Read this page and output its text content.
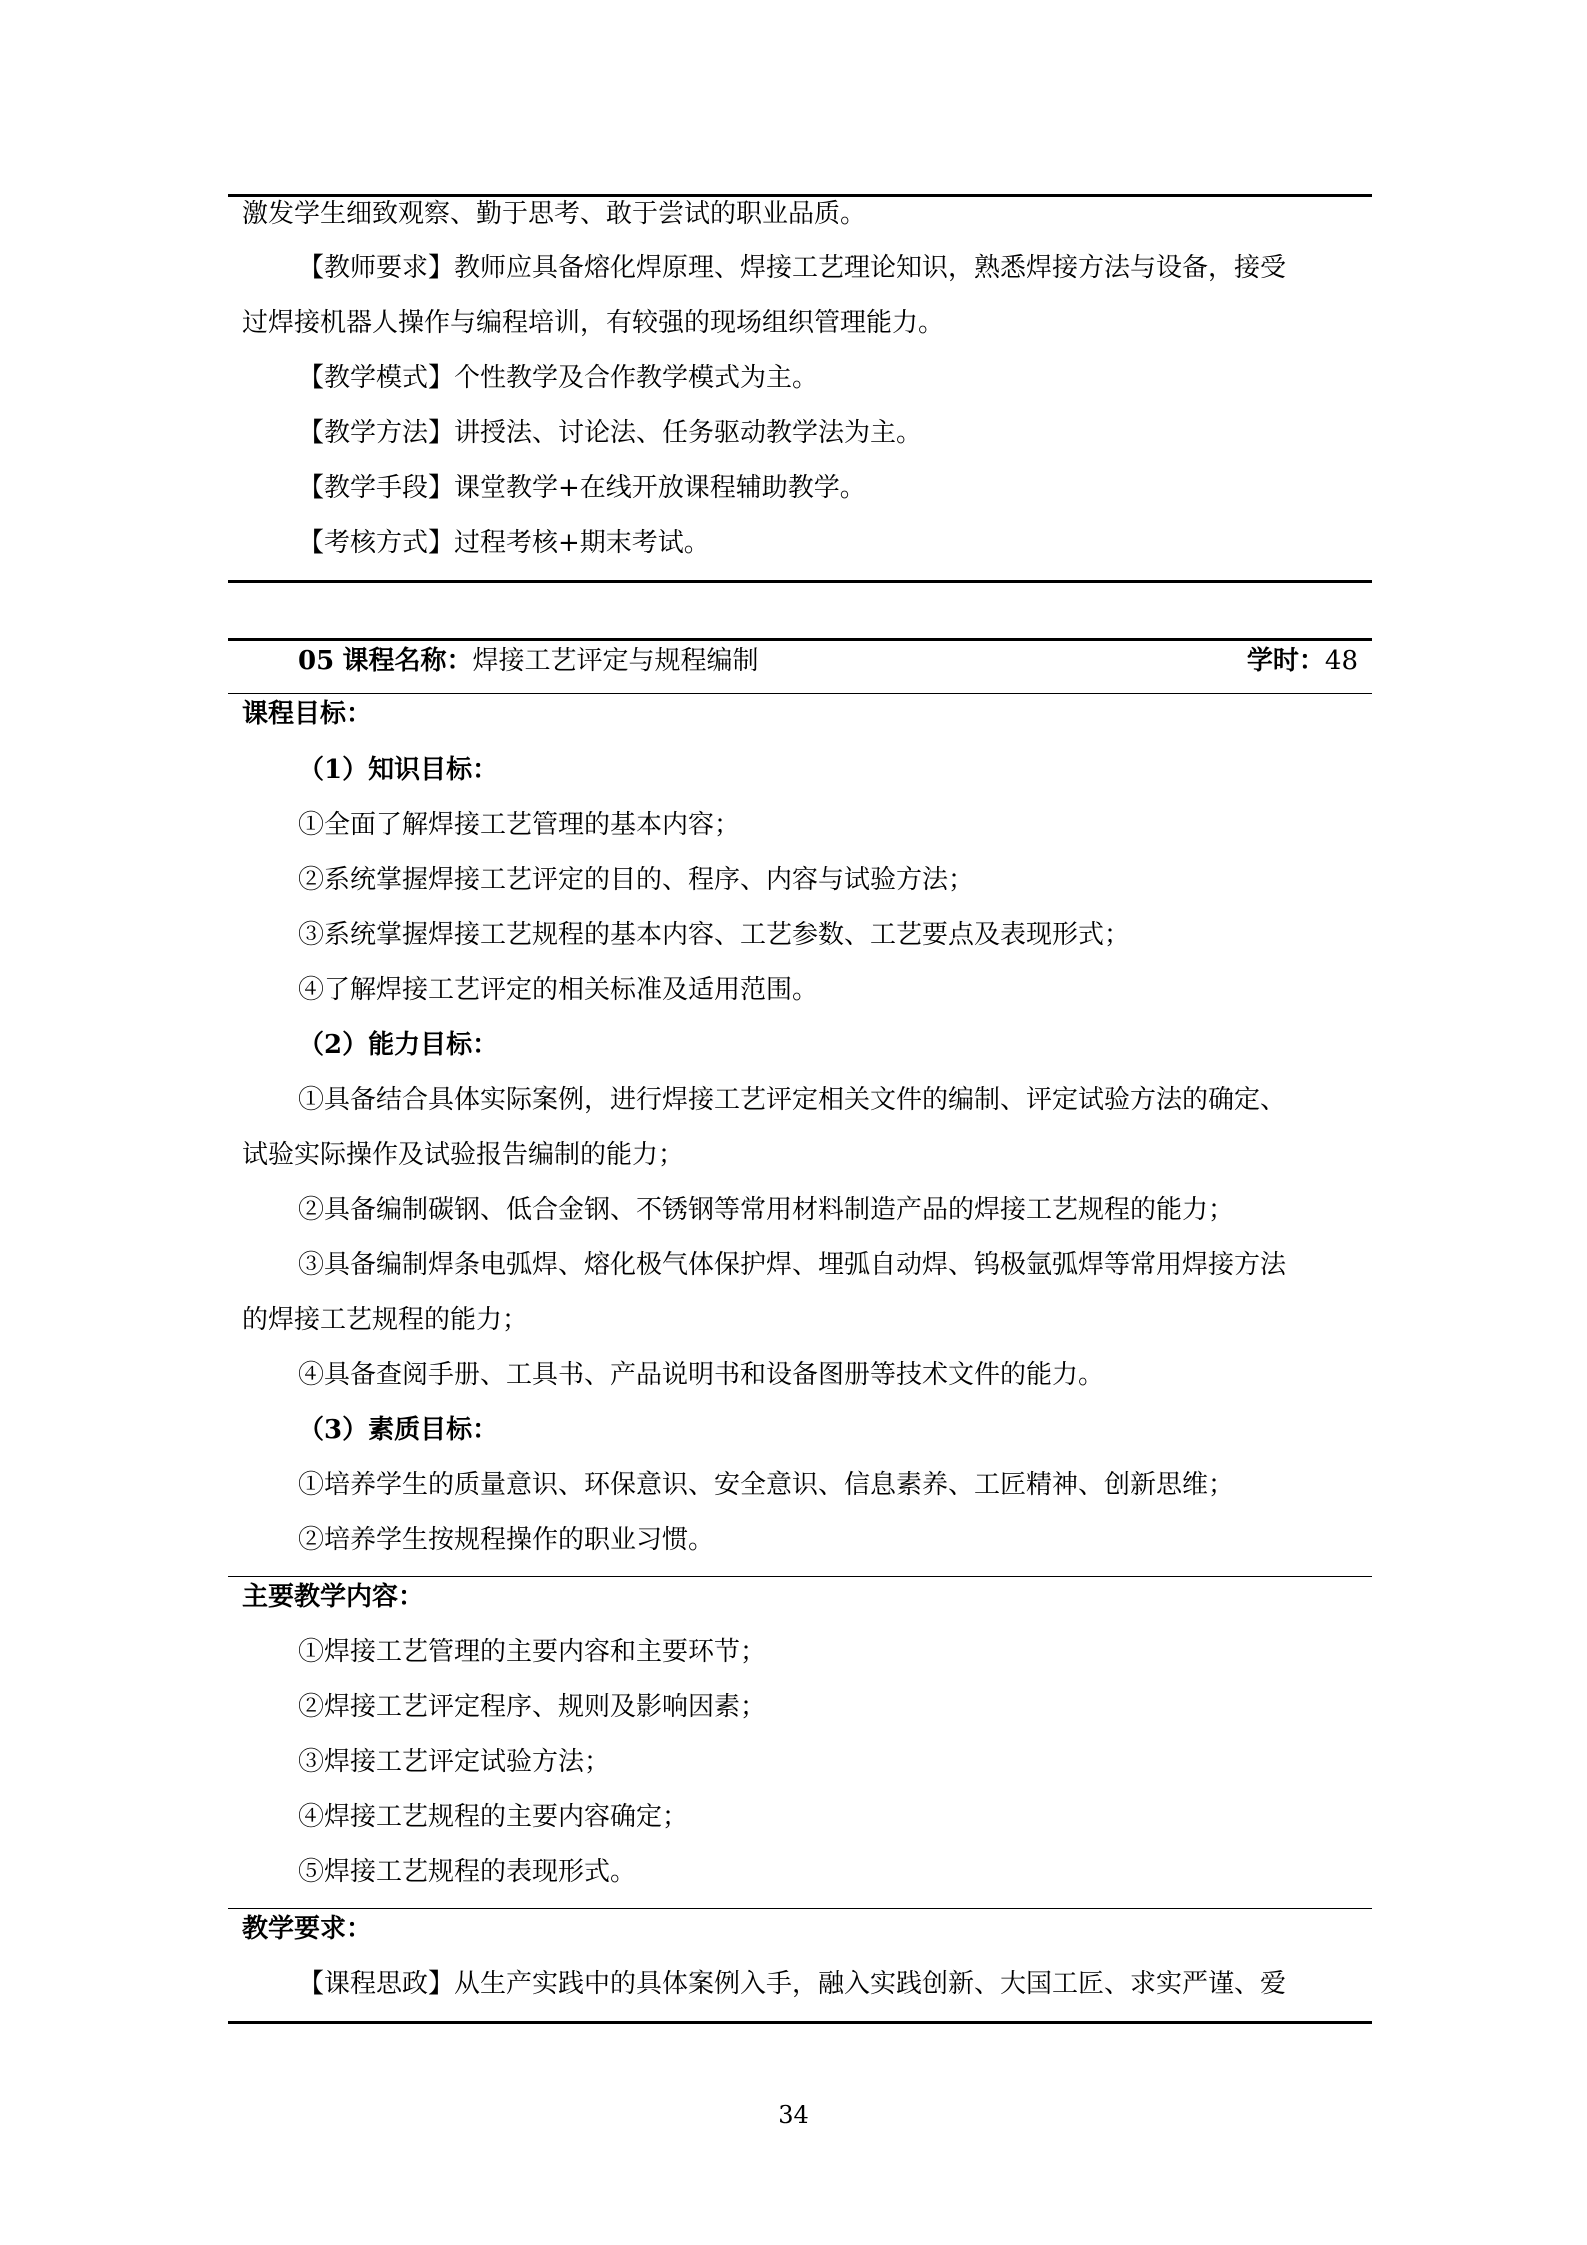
激发学生细致观察、勤于思考、敢于尝试的职业品质。
【教师要求】教师应具备熔化焊原理、焊接工艺理论知识，熟悉焊接方法与设备，接受
过焊接机器人操作与编程培训，有较强的现场组织管理能力。
【教学模式】个性教学及合作教学模式为主。
【教学方法】讲授法、讨论法、任务驱动教学法为主。
【教学手段】课堂教学+在线开放课程辅助教学。
【考核方式】过程考核+期末考试。
05 课程名称：焊接工艺评定与规程编制	学时：48
课程目标：
（1）知识目标：
①全面了解焊接工艺管理的基本内容；
②系统掌握焊接工艺评定的目的、程序、内容与试验方法；
③系统掌握焊接工艺规程的基本内容、工艺参数、工艺要点及表现形式；
④了解焊接工艺评定的相关标准及适用范围。
（2）能力目标：
①具备结合具体实际案例，进行焊接工艺评定相关文件的编制、评定试验方法的确定、
试验实际操作及试验报告编制的能力；
②具备编制碳钢、低合金钢、不锈钢等常用材料制造产品的焊接工艺规程的能力；
③具备编制焊条电弧焊、熔化极气体保护焊、埋弧自动焊、钨极氩弧焊等常用焊接方法
的焊接工艺规程的能力；
④具备查阅手册、工具书、产品说明书和设备图册等技术文件的能力。
（3）素质目标：
①培养学生的质量意识、环保意识、安全意识、信息素养、工匠精神、创新思维；
②培养学生按规程操作的职业习惯。
主要教学内容：
①焊接工艺管理的主要内容和主要环节；
②焊接工艺评定程序、规则及影响因素；
③焊接工艺评定试验方法；
④焊接工艺规程的主要内容确定；
⑤焊接工艺规程的表现形式。
教学要求：
【课程思政】从生产实践中的具体案例入手，融入实践创新、大国工匠、求实严谨、爱
34
